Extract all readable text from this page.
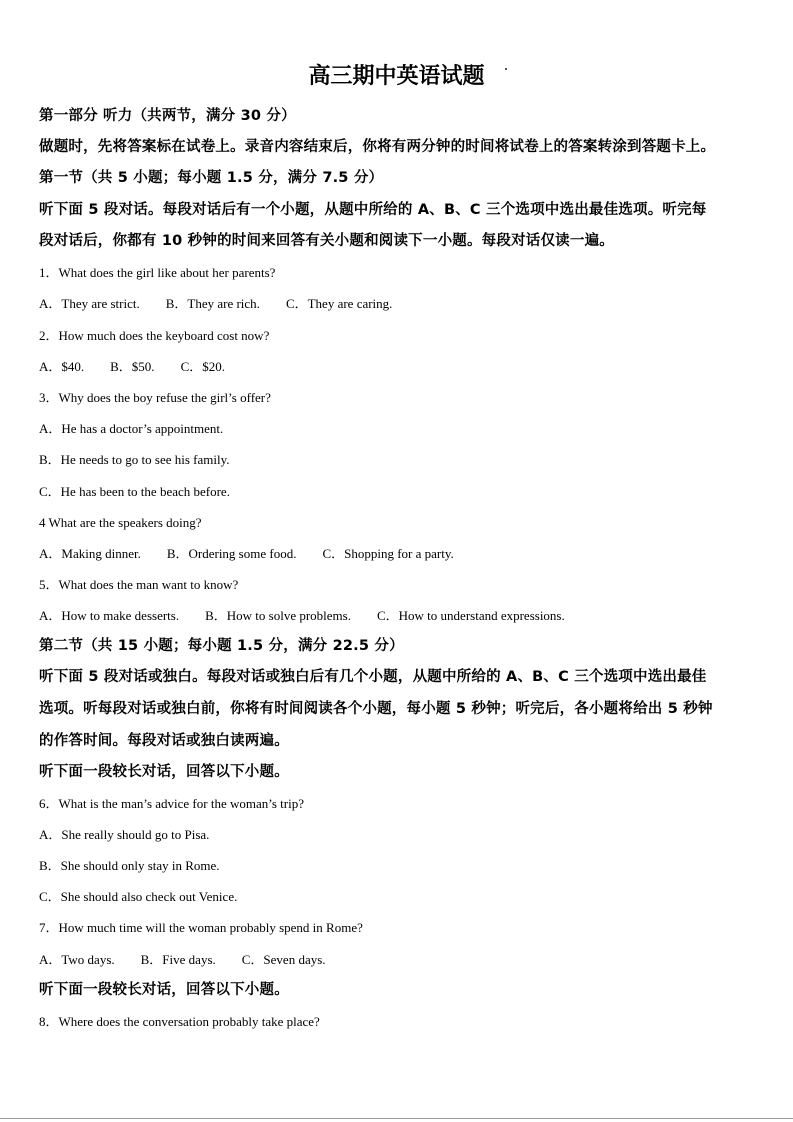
高三期中英语试题
第一部分 听力（共两节，满分 30 分）
做题时，先将答案标在试卷上。录音内容结束后，你将有两分钟的时间将试卷上的答案转涂到答题卡上。
第一节（共 5 小题；每小题 1.5 分，满分 7.5 分）
听下面 5 段对话。每段对话后有一个小题，从题中所给的 A、B、C 三个选项中选出最佳选项。听完每
段对话后，你都有 10 秒钟的时间来回答有关小题和阅读下一小题。每段对话仅读一遍。
1．What does the girl like about her parents?
A．They are strict. B．They are rich. C．They are caring.
2．How much does the keyboard cost now?
A．$40. B．$50. C．$20.
3．Why does the boy refuse the girl’s offer?
A．He has a doctor’s appointment.
B．He needs to go to see his family.
C．He has been to the beach before.
4 What are the speakers doing?
A．Making dinner. B．Ordering some food. C．Shopping for a party.
5．What does the man want to know?
A．How to make desserts. B．How to solve problems. C．How to understand expressions.
第二节（共 15 小题；每小题 1.5 分，满分 22.5 分）
听下面 5 段对话或独白。每段对话或独白后有几个小题，从题中所给的 A、B、C 三个选项中选出最佳
选项。听每段对话或独白前，你将有时间阅读各个小题，每小题 5 秒钟；听完后，各小题将给出 5 秒钟
的作答时间。每段对话或独白读两遍。
听下面一段较长对话，回答以下小题。
6．What is the man’s advice for the woman’s trip?
A．She really should go to Pisa.
B．She should only stay in Rome.
C．She should also check out Venice.
7．How much time will the woman probably spend in Rome?
A．Two days. B．Five days. C．Seven days.
听下面一段较长对话，回答以下小题。
8．Where does the conversation probably take place?
